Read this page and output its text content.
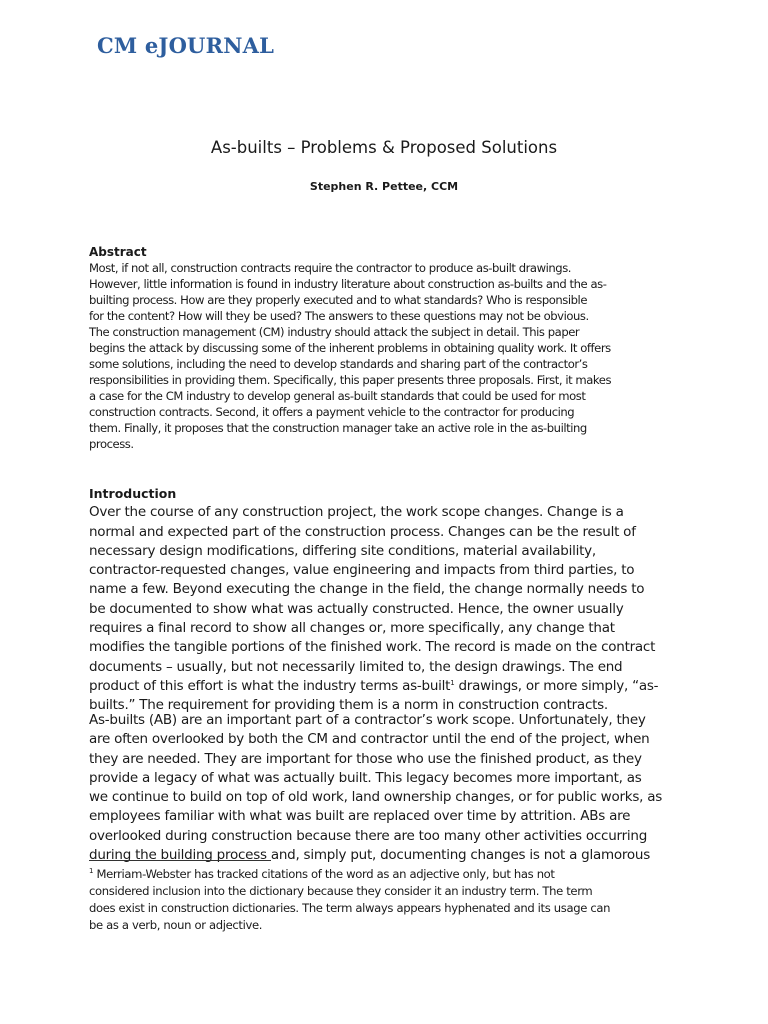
CM eJOURNAL
As-builts – Problems & Proposed Solutions
Stephen R. Pettee, CCM
Abstract
Most, if not all, construction contracts require the contractor to produce as-built drawings.
However, little information is found in industry literature about construction as-builts and the as-
builting process. How are they properly executed and to what standards? Who is responsible
for the content? How will they be used? The answers to these questions may not be obvious.
The construction management (CM) industry should attack the subject in detail. This paper
begins the attack by discussing some of the inherent problems in obtaining quality work. It offers
some solutions, including the need to develop standards and sharing part of the contractor’s
responsibilities in providing them. Specifically, this paper presents three proposals. First, it makes
a case for the CM industry to develop general as-built standards that could be used for most
construction contracts. Second, it offers a payment vehicle to the contractor for producing
them. Finally, it proposes that the construction manager take an active role in the as-builting
process.
Introduction
Over the course of any construction project, the work scope changes. Change is a
normal and expected part of the construction process. Changes can be the result of
necessary design modifications, differing site conditions, material availability,
contractor-requested changes, value engineering and impacts from third parties, to
name a few. Beyond executing the change in the field, the change normally needs to
be documented to show what was actually constructed. Hence, the owner usually
requires a final record to show all changes or, more specifically, any change that
modifies the tangible portions of the finished work. The record is made on the contract
documents – usually, but not necessarily limited to, the design drawings. The end
product of this effort is what the industry terms as-built$^1$ drawings, or more simply, “as-
builts.” The requirement for providing them is a norm in construction contracts.
As-builts (AB) are an important part of a contractor’s work scope. Unfortunately, they
are often overlooked by both the CM and contractor until the end of the project, when
they are needed. They are important for those who use the finished product, as they
provide a legacy of what was actually built. This legacy becomes more important, as
we continue to build on top of old work, land ownership changes, or for public works, as
employees familiar with what was built are replaced over time by attrition. ABs are
overlooked during construction because there are too many other activities occurring
during the building process and, simply put, documenting changes is not a glamorous
$^1$ Merriam-Webster has tracked citations of the word as an adjective only, but has not
considered inclusion into the dictionary because they consider it an industry term. The term
does exist in construction dictionaries. The term always appears hyphenated and its usage can
be as a verb, noun or adjective.
